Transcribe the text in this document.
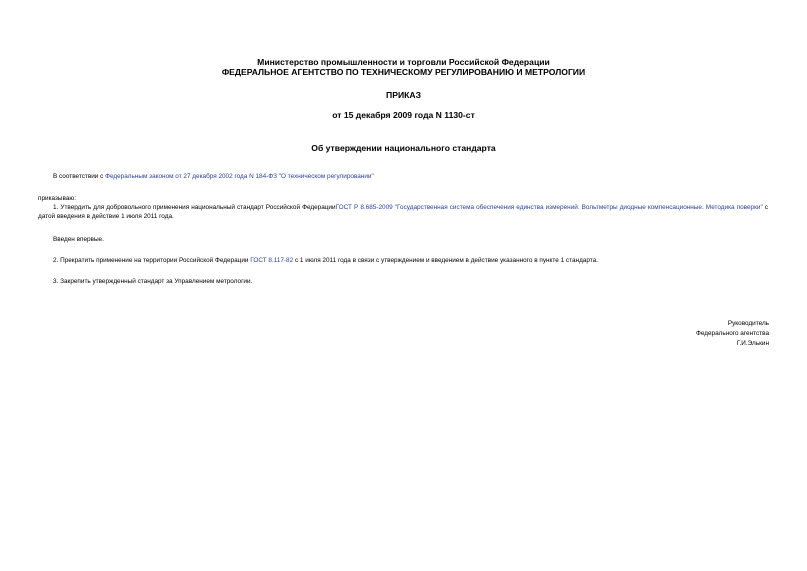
Министерство промышленности и торговли Российской Федерации
ФЕДЕРАЛЬНОЕ АГЕНТСТВО ПО ТЕХНИЧЕСКОМУ РЕГУЛИРОВАНИЮ И МЕТРОЛОГИИ
ПРИКАЗ
от 15 декабря 2009 года N 1130-ст
Об утверждении национального стандарта
В соответствии с Федеральным законом от 27 декабря 2002 года N 184-ФЗ "О техническом регулировании"
приказываю:
1. Утвердить для добровольного применения национальный стандарт Российской ФедерацииГОСТ Р 8.685-2009 "Государственная система обеспечения единства измерений. Вольтметры диодные компенсационные. Методика поверки" с датой введения в действие 1 июля 2011 года.
Введен впервые.
2. Прекратить применение на территории Российской Федерации ГОСТ 8.117-82 с 1 июля 2011 года в связи с утверждением и введением в действие указанного в пункте 1 стандарта.
3. Закрепить утвержденный стандарт за Управлением метрологии.
Руководитель
Федерального агентства
Г.И.Элькин
